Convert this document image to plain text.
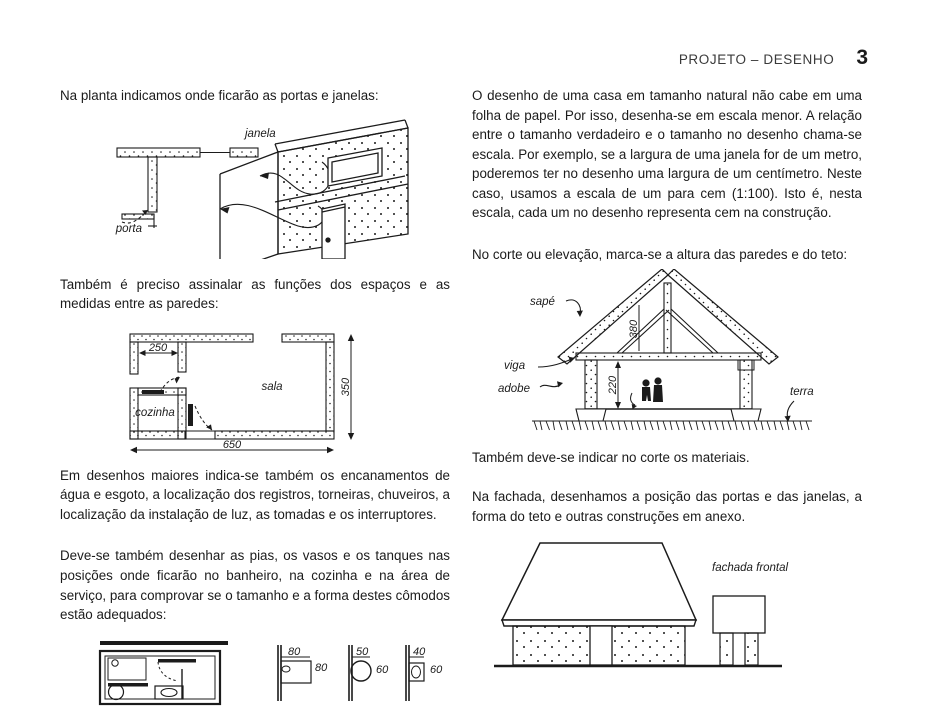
PROJETO – DESENHO 3

Na planta indicamos onde ficarão as portas e janelas:

janela
porta

Também é preciso assinalar as funções dos espaços e as medidas entre as paredes:

sala
cozinha
250
650
350

Em desenhos maiores indica-se também os encanamentos de água e esgoto, a localização dos registros, torneiras, chuveiros, a localização da instalação de luz, as tomadas e os interruptores.

Deve-se também desenhar as pias, os vasos e os tanques nas posições onde ficarão no banheiro, na cozinha e na área de serviço, para comprovar se o tamanho e a forma destes cômodos estão adequados:

80
80
50
60
40
60

O desenho de uma casa em tamanho natural não cabe em uma folha de papel. Por isso, desenha-se em escala menor. A relação entre o tamanho verdadeiro e o tamanho no desenho chama-se escala. Por exemplo, se a largura de uma janela for de um metro, poderemos ter no desenho uma largura de um centímetro. Neste caso, usamos a escala de um para cem (1:100). Isto é, nesta escala, cada um no desenho representa cem na construção.

No corte ou elevação, marca-se a altura das paredes e do teto:

380
220
sapé
viga
adobe	terra

Também deve-se indicar no corte os materiais.

Na fachada, desenhamos a posição das portas e das janelas, a forma do teto e outras construções em anexo.

fachada frontal
